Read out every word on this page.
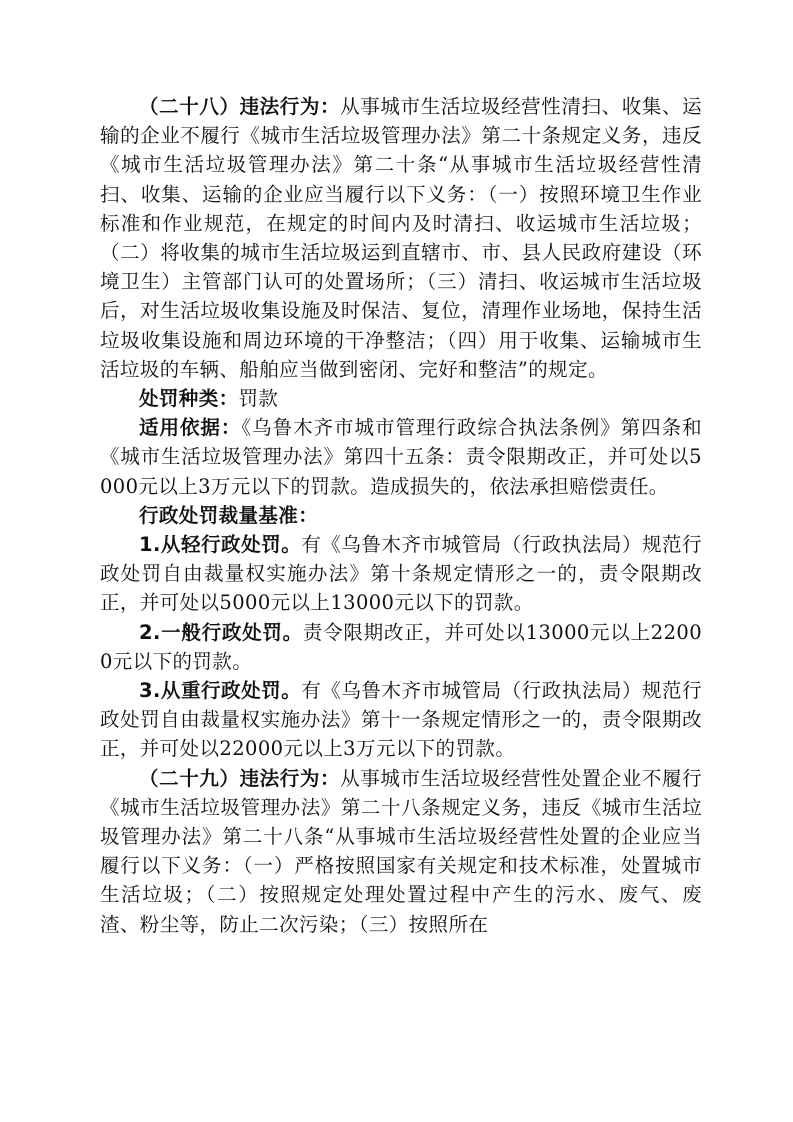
（二十八）违法行为：从事城市生活垃圾经营性清扫、收集、运输的企业不履行《城市生活垃圾管理办法》第二十条规定义务，违反《城市生活垃圾管理办法》第二十条“从事城市生活垃圾经营性清扫、收集、运输的企业应当履行以下义务：（一）按照环境卫生作业标准和作业规范，在规定的时间内及时清扫、收运城市生活垃圾；（二）将收集的城市生活垃圾运到直辖市、市、县人民政府建设（环境卫生）主管部门认可的处置场所；（三）清扫、收运城市生活垃圾后，对生活垃圾收集设施及时保洁、复位，清理作业场地，保持生活垃圾收集设施和周边环境的干净整洁；（四）用于收集、运输城市生活垃圾的车辆、船舶应当做到密闭、完好和整洁”的规定。

处罚种类：罚款

适用依据：《乌鲁木齐市城市管理行政综合执法条例》第四条和《城市生活垃圾管理办法》第四十五条：责令限期改正，并可处以5000元以上3万元以下的罚款。造成损失的，依法承担赔偿责任。

行政处罚裁量基准：

1.从轻行政处罚。有《乌鲁木齐市城管局（行政执法局）规范行政处罚自由裁量权实施办法》第十条规定情形之一的，责令限期改正，并可处以5000元以上13000元以下的罚款。

2.一般行政处罚。责令限期改正，并可处以13000元以上22000元以下的罚款。

3.从重行政处罚。有《乌鲁木齐市城管局（行政执法局）规范行政处罚自由裁量权实施办法》第十一条规定情形之一的，责令限期改正，并可处以22000元以上3万元以下的罚款。

（二十九）违法行为：从事城市生活垃圾经营性处置企业不履行《城市生活垃圾管理办法》第二十八条规定义务，违反《城市生活垃圾管理办法》第二十八条“从事城市生活垃圾经营性处置的企业应当履行以下义务：（一）严格按照国家有关规定和技术标准，处置城市生活垃圾；（二）按照规定处理处置过程中产生的污水、废气、废渣、粉尘等，防止二次污染；（三）按照所在
